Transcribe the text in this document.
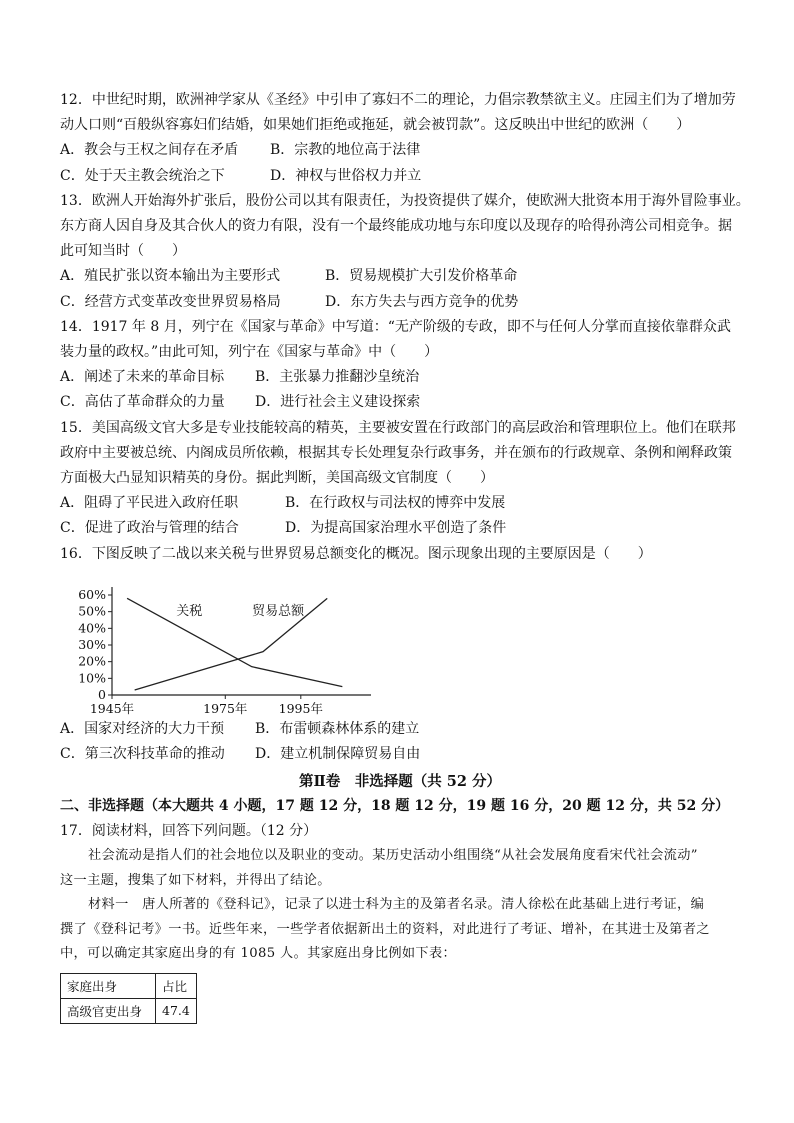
12．中世纪时期，欧洲神学家从《圣经》中引申了寡妇不二的理论，力倡宗教禁欲主义。庄园主们为了增加劳
动人口则“百般纵容寡妇们结婚，如果她们拒绝或拖延，就会被罚款”。这反映出中世纪的欧洲（　　）
A．教会与王权之间存在矛盾	B．宗教的地位高于法律
C．处于天主教会统治之下	D．神权与世俗权力并立
13．欧洲人开始海外扩张后，股份公司以其有限责任，为投资提供了媒介，使欧洲大批资本用于海外冒险事业。
东方商人因自身及其合伙人的资力有限，没有一个最终能成功地与东印度以及现存的哈得孙湾公司相竞争。据
此可知当时（　　）
A．殖民扩张以资本输出为主要形式	B．贸易规模扩大引发价格革命
C．经营方式变革改变世界贸易格局	D．东方失去与西方竞争的优势
14．1917 年 8 月，列宁在《国家与革命》中写道：“无产阶级的专政，即不与任何人分掌而直接依靠群众武
装力量的政权。”由此可知，列宁在《国家与革命》中（　　）
A．阐述了未来的革命目标	B．主张暴力推翻沙皇统治
C．高估了革命群众的力量	D．进行社会主义建设探索
15．美国高级文官大多是专业技能较高的精英，主要被安置在行政部门的高层政治和管理职位上。他们在联邦
政府中主要被总统、内阁成员所依赖，根据其专长处理复杂行政事务，并在颁布的行政规章、条例和阐释政策
方面极大凸显知识精英的身份。据此判断，美国高级文官制度（　　）
A．阻碍了平民进入政府任职	B．在行政权与司法权的博弈中发展
C．促进了政治与管理的结合	D．为提高国家治理水平创造了条件
16．下图反映了二战以来关税与世界贸易总额变化的概况。图示现象出现的主要原因是（　　）
60%
50%
40%
30%
20%
10%
0
1945年	1975年 1995年
关税	贸易总额
A．国家对经济的大力干预	B．布雷顿森林体系的建立
C．第三次科技革命的推动	D．建立机制保障贸易自由
第Ⅱ卷　非选择题（共 52 分）
二、非选择题（本大题共 4 小题，17 题 12 分，18 题 12 分，19 题 16 分，20 题 12 分，共 52 分）
17．阅读材料，回答下列问题。（12 分）
社会流动是指人们的社会地位以及职业的变动。某历史活动小组围绕“从社会发展角度看宋代社会流动”
这一主题，搜集了如下材料，并得出了结论。
材料一　唐人所著的《登科记》，记录了以进士科为主的及第者名录。清人徐松在此基础上进行考证，编
撰了《登科记考》一书。近些年来，一些学者依据新出土的资料，对此进行了考证、增补，在其进士及第者之
中，可以确定其家庭出身的有 1085 人。其家庭出身比例如下表：
家庭出身	占比
高级官吏出身	47.4
